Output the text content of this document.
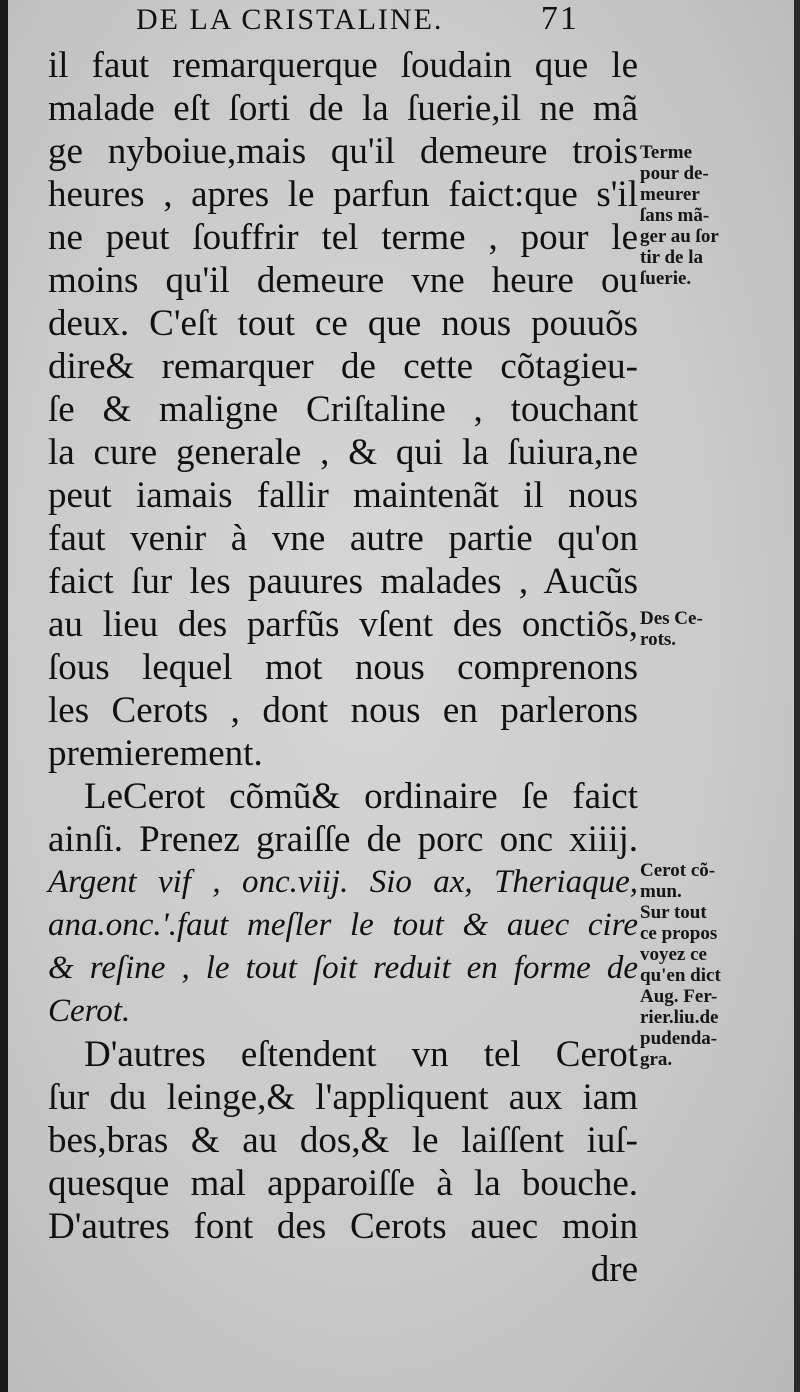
DE LA CRISTALINE.	71
il faut remarquerque ſoudain que le
malade eſt ſorti de la ſuerie,il ne mã
ge nyboiue,mais qu'il demeure trois
heures , apres le parfun faict:que s'il
ne peut ſouffrir tel terme , pour le
moins qu'il demeure vne heure ou
deux. C'eſt tout ce que nous pouuõs
dire& remarquer de cette cõtagieu-
ſe & maligne Criſtaline , touchant
la cure generale , & qui la ſuiura,ne
peut iamais fallir maintenãt il nous
faut venir à vne autre partie qu'on
faict ſur les pauures malades , Aucũs
au lieu des parfũs vſent des onctiõs,
ſous lequel mot nous comprenons
les Cerots , dont nous en parlerons
premierement.
LeCerot cõmũ& ordinaire ſe faict
ainſi. Prenez graiſſe de porc onc xiiij.
Argent vif , onc.viij. Sio ax, Theriaque,
ana.onc.'.faut meſler le tout & auec cire
& reſine , le tout ſoit reduit en forme de
Cerot.
D'autres eſtendent vn tel Cerot
ſur du leinge,& l'appliquent aux iam
bes,bras & au dos,& le laiſſent iuſ-
quesque mal apparoiſſe à la bouche.
D'autres font des Cerots auec moin
dre
Terme
pour de-
meurer
ſans mã-
ger au ſor
tir de la
ſuerie.
Des Ce-
rots.
Cerot cõ-
mun.
Sur tout
ce propos
voyez ce
qu'en dict
Aug. Fer-
rier.liu.de
pudenda-
gra.
